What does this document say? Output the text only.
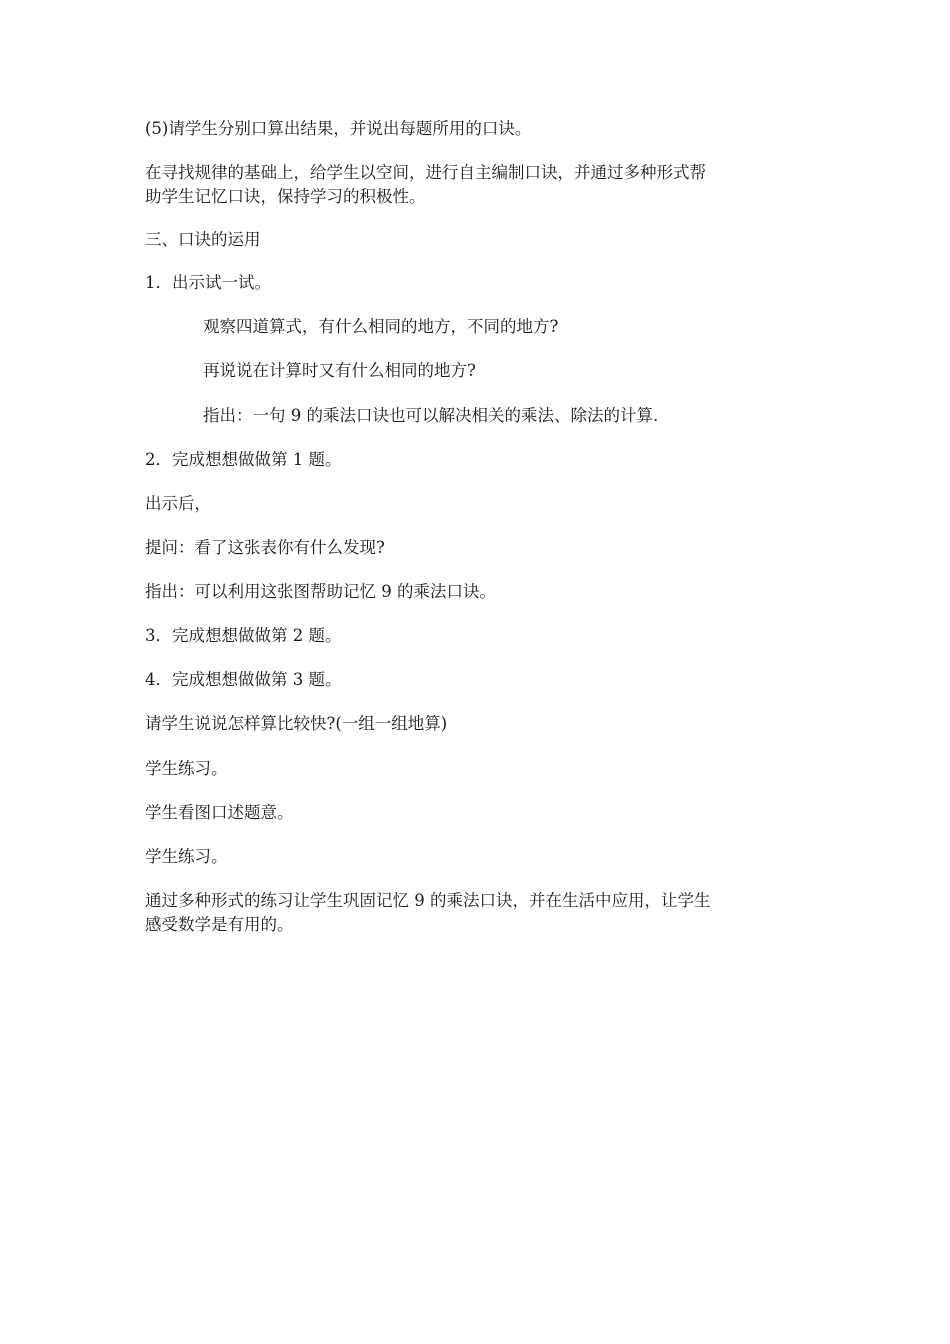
(5)请学生分别口算出结果，并说出每题所用的口诀。
在寻找规律的基础上，给学生以空间，进行自主编制口诀，并通过多种形式帮
助学生记忆口诀，保持学习的积极性。
三、口诀的运用
1．出示试一试。
观察四道算式，有什么相同的地方，不同的地方?
再说说在计算时又有什么相同的地方?
指出：一句 9 的乘法口诀也可以解决相关的乘法、除法的计算.
2．完成想想做做第 1 题。
出示后，
提问：看了这张表你有什么发现?
指出：可以利用这张图帮助记忆 9 的乘法口诀。
3．完成想想做做第 2 题。
4．完成想想做做第 3 题。
请学生说说怎样算比较快?(一组一组地算)
学生练习。
学生看图口述题意。
学生练习。
通过多种形式的练习让学生巩固记忆 9 的乘法口诀，并在生活中应用，让学生
感受数学是有用的。
